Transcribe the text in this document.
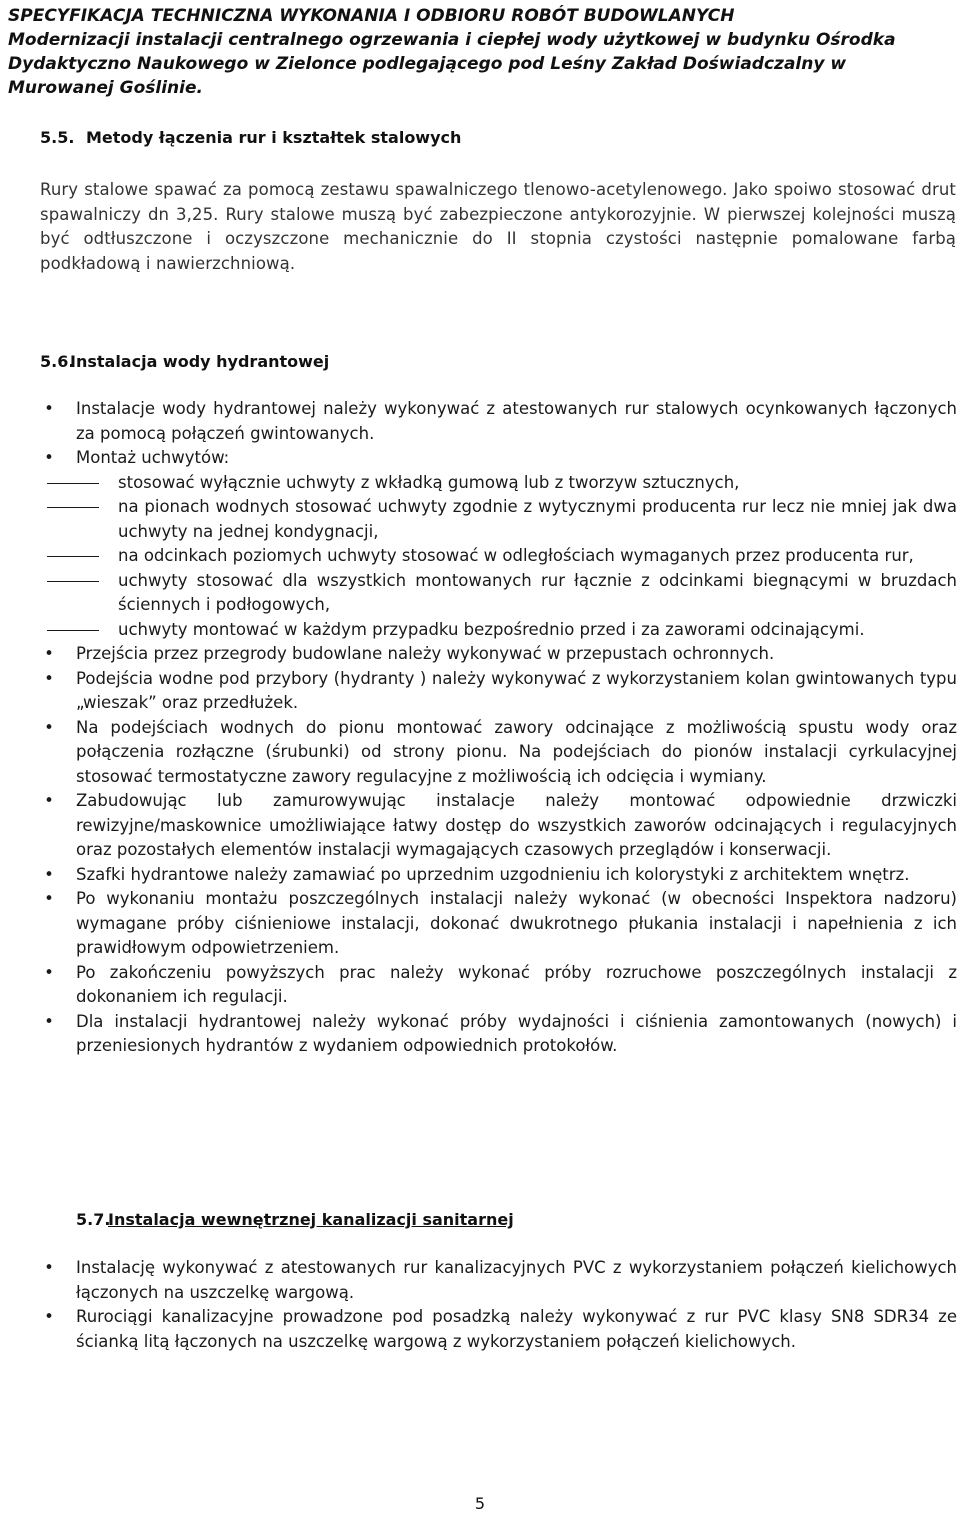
SPECYFIKACJA TECHNICZNA WYKONANIA I ODBIORU ROBÓT BUDOWLANYCH
Modernizacji instalacji centralnego ogrzewania i ciepłej wody użytkowej w budynku Ośrodka
Dydaktyczno Naukowego w Zielonce podlegającego pod Leśny Zakład Doświadczalny w
Murowanej Goślinie.
5.5. Metody łączenia rur i kształtek stalowych
Rury stalowe spawać za pomocą zestawu spawalniczego tlenowo-acetylenowego. Jako spoiwo stosować drut spawalniczy dn 3,25. Rury stalowe muszą być zabezpieczone antykorozyjnie. W pierwszej kolejności muszą być odtłuszczone i oczyszczone mechanicznie do II stopnia czystości następnie pomalowane farbą podkładową i nawierzchniową.
5.6.Instalacja wody hydrantowej
•	Instalacje wody hydrantowej należy wykonywać z atestowanych rur stalowych ocynkowanych łączonych za pomocą połączeń gwintowanych.
•	Montaż uchwytów:
stosować wyłącznie uchwyty z wkładką gumową lub z tworzyw sztucznych,
na pionach wodnych stosować uchwyty zgodnie z wytycznymi producenta rur lecz nie mniej jak dwa uchwyty na jednej kondygnacji,
na odcinkach poziomych uchwyty stosować w odległościach wymaganych przez producenta rur,
uchwyty stosować dla wszystkich montowanych rur łącznie z odcinkami biegnącymi w bruzdach ściennych i podłogowych,
uchwyty montować w każdym przypadku bezpośrednio przed i za zaworami odcinającymi.
•	Przejścia przez przegrody budowlane należy wykonywać w przepustach ochronnych.
•	Podejścia wodne pod przybory (hydranty ) należy wykonywać z wykorzystaniem kolan gwintowanych typu „wieszak” oraz przedłużek.
•	Na podejściach wodnych do pionu montować zawory odcinające z możliwością spustu wody oraz połączenia rozłączne (śrubunki) od strony pionu. Na podejściach do pionów instalacji cyrkulacyjnej stosować termostatyczne zawory regulacyjne z możliwością ich odcięcia i wymiany.
•	Zabudowując lub zamurowywując instalacje należy montować odpowiednie drzwiczki rewizyjne/maskownice umożliwiające łatwy dostęp do wszystkich zaworów odcinających i regulacyjnych oraz pozostałych elementów instalacji wymagających czasowych przeglądów i konserwacji.
•	Szafki hydrantowe należy zamawiać po uprzednim uzgodnieniu ich kolorystyki z architektem wnętrz.
•	Po wykonaniu montażu poszczególnych instalacji należy wykonać (w obecności Inspektora nadzoru) wymagane próby ciśnieniowe instalacji, dokonać dwukrotnego płukania instalacji i napełnienia z ich prawidłowym odpowietrzeniem.
•	Po zakończeniu powyższych prac należy wykonać próby rozruchowe poszczególnych instalacji z dokonaniem ich regulacji.
•	Dla instalacji hydrantowej należy wykonać próby wydajności i ciśnienia zamontowanych (nowych) i przeniesionych hydrantów z wydaniem odpowiednich protokołów.
5.7.Instalacja wewnętrznej kanalizacji sanitarnej
•	Instalację wykonywać z atestowanych rur kanalizacyjnych PVC z wykorzystaniem połączeń kielichowych łączonych na uszczelkę wargową.
•	Rurociągi kanalizacyjne prowadzone pod posadzką należy wykonywać z rur PVC klasy SN8 SDR34 ze ścianką litą łączonych na uszczelkę wargową z wykorzystaniem połączeń kielichowych.
5
